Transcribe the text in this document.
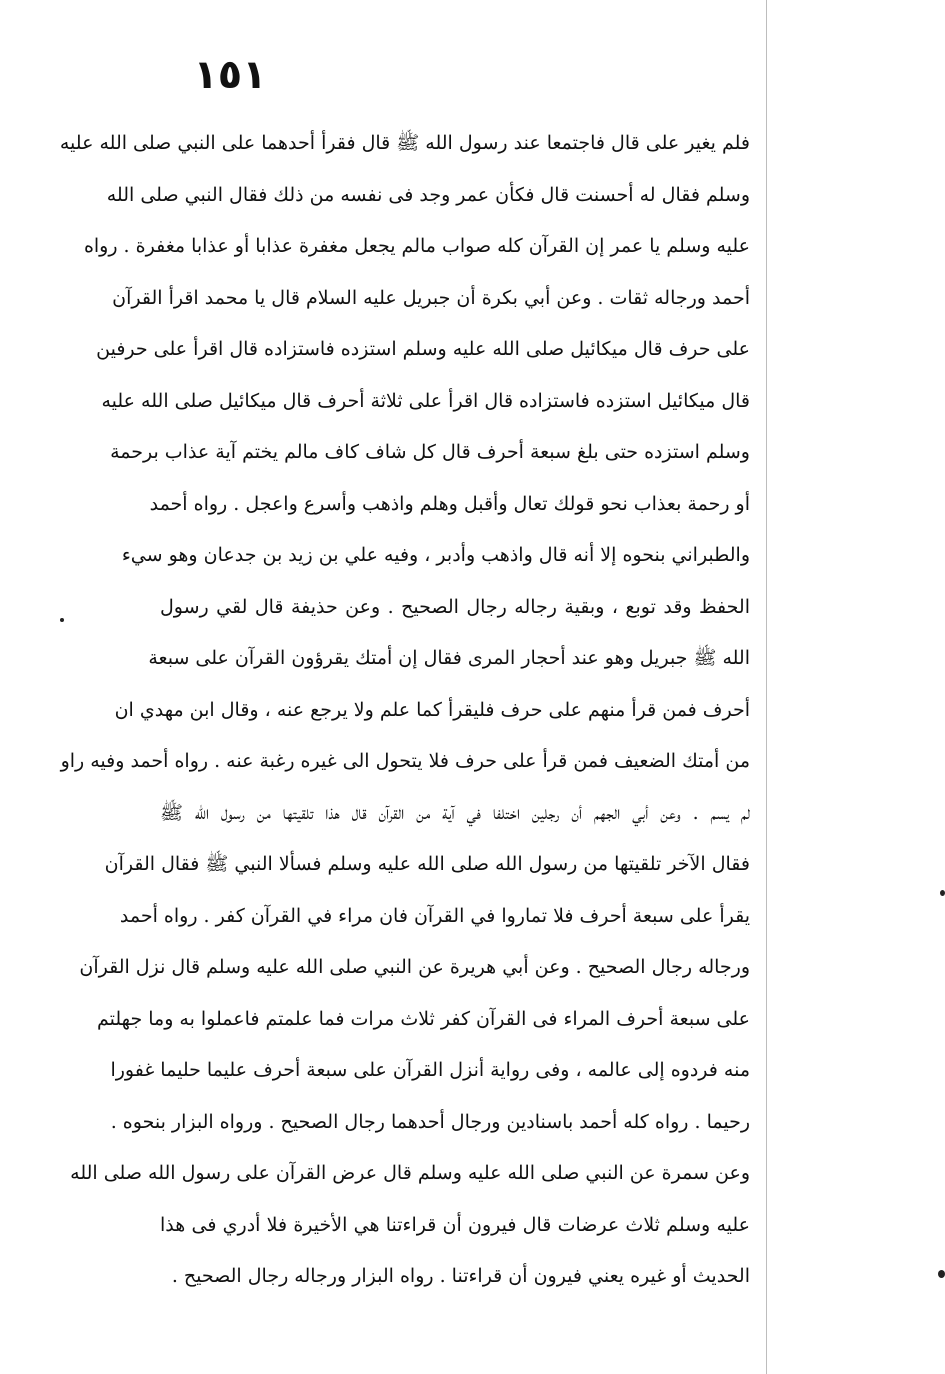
١٥١
فلم يغير على قال فاجتمعا عند رسول الله ﷺ قال فقرأ أحدهما على النبي صلى الله عليه
وسلم فقال له أحسنت قال فكأن عمر وجد فى نفسه من ذلك فقال النبي صلى الله
عليه وسلم يا عمر إن القرآن كله صواب مالم يجعل مغفرة عذابا أو عذابا مغفرة . رواه
أحمد ورجاله ثقات . وعن أبي بكرة أن جبريل عليه السلام قال يا محمد اقرأ القرآن
على حرف قال ميكائيل صلى الله عليه وسلم استزده فاستزاده قال اقرأ على حرفين
قال ميكائيل استزده فاستزاده قال اقرأ على ثلاثة أحرف قال ميكائيل صلى الله عليه
وسلم استزده حتى بلغ سبعة أحرف قال كل شاف كاف مالم يختم آية عذاب برحمة
أو رحمة بعذاب نحو قولك تعال وأقبل وهلم واذهب وأسرع واعجل . رواه أحمد
والطبراني بنحوه إلا أنه قال واذهب وأدبر ، وفيه علي بن زيد بن جدعان وهو سيء
الحفظ وقد توبع ، وبقية رجاله رجال الصحيح . وعن حذيفة قال لقي رسول
الله ﷺ جبريل وهو عند أحجار المرى فقال إن أمتك يقرؤون القرآن على سبعة
أحرف فمن قرأ منهم على حرف فليقرأ كما علم ولا يرجع عنه ، وقال ابن مهدي ان
من أمتك الضعيف فمن قرأ على حرف فلا يتحول الى غيره رغبة عنه . رواه أحمد وفيه راو
لم يسم . وعن أبي الجهم أن رجلين اختلفا في آية من القرآن قال هذا تلقيتها من رسول الله ﷺ
فقال الآخر تلقيتها من رسول الله صلى الله عليه وسلم فسألا النبي ﷺ فقال القرآن
يقرأ على سبعة أحرف فلا تماروا في القرآن فان مراء في القرآن كفر . رواه أحمد
ورجاله رجال الصحيح . وعن أبي هريرة عن النبي صلى الله عليه وسلم قال نزل القرآن
على سبعة أحرف المراء فى القرآن كفر ثلاث مرات فما علمتم فاعملوا به وما جهلتم
منه فردوه إلى عالمه ، وفى رواية أنزل القرآن على سبعة أحرف عليما حليما غفورا
رحيما . رواه كله أحمد باسنادين ورجال أحدهما رجال الصحيح . ورواه البزار بنحوه .
وعن سمرة عن النبي صلى الله عليه وسلم قال عرض القرآن على رسول الله صلى الله
عليه وسلم ثلاث عرضات قال فيرون أن قراءتنا هي الأخيرة فلا أدري فى هذا
الحديث أو غيره يعني فيرون أن قراءتنا . رواه البزار ورجاله رجال الصحيح .
